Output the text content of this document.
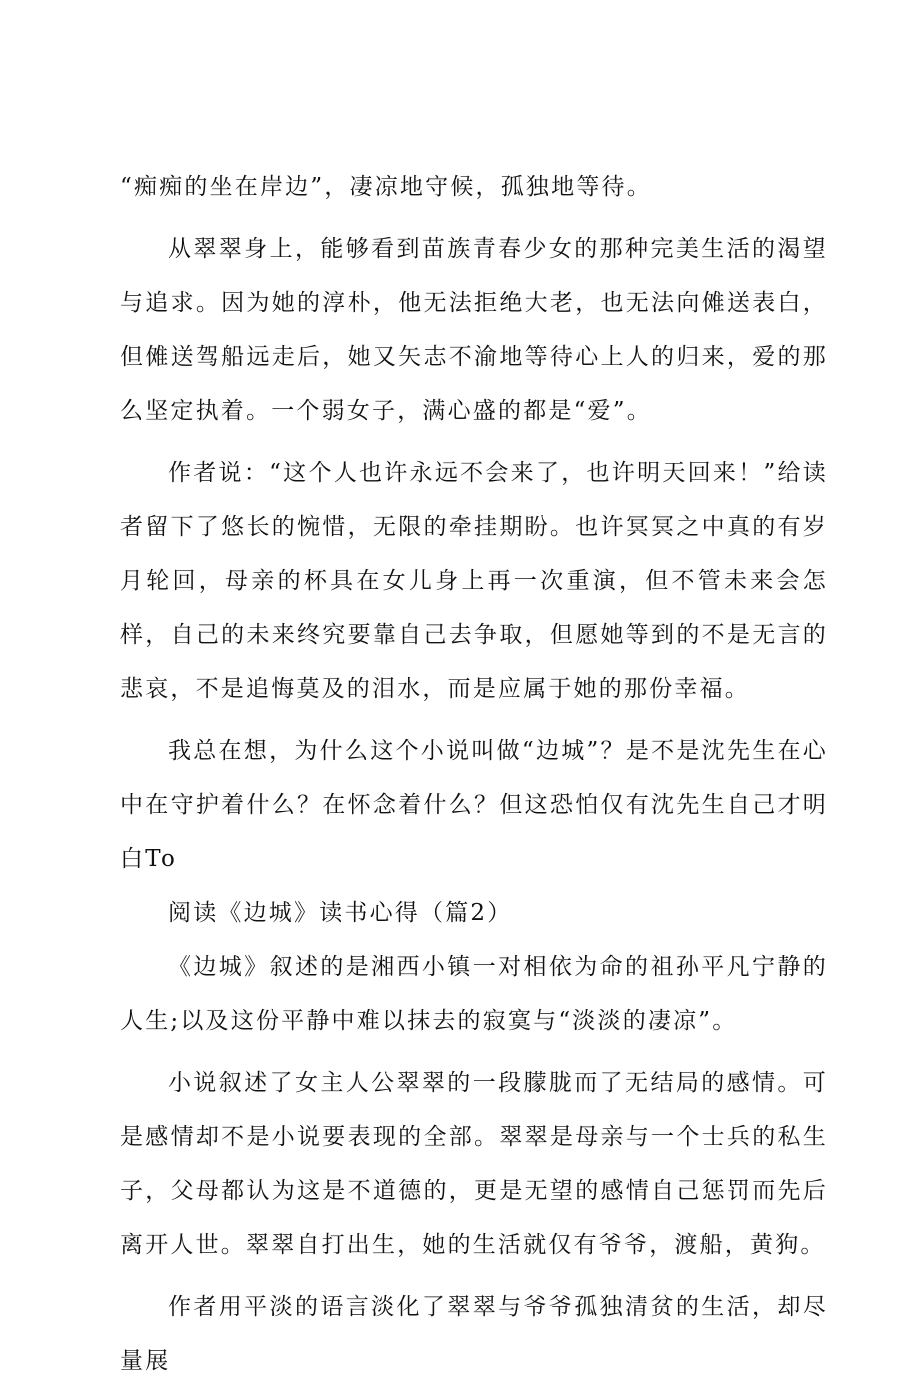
“痴痴的坐在岸边”，凄凉地守候，孤独地等待。

从翠翠身上，能够看到苗族青春少女的那种完美生活的渴望与追求。因为她的淳朴，他无法拒绝大老，也无法向傩送表白，但傩送驾船远走后，她又矢志不渝地等待心上人的归来，爱的那么坚定执着。一个弱女子，满心盛的都是“爱”。

作者说：“这个人也许永远不会来了，也许明天回来！”给读者留下了悠长的惋惜，无限的牵挂期盼。也许冥冥之中真的有岁月轮回，母亲的杯具在女儿身上再一次重演，但不管未来会怎样，自己的未来终究要靠自己去争取，但愿她等到的不是无言的悲哀，不是追悔莫及的泪水，而是应属于她的那份幸福。

我总在想，为什么这个小说叫做“边城”？是不是沈先生在心中在守护着什么？在怀念着什么？但这恐怕仅有沈先生自己才明白To

阅读《边城》读书心得（篇2）

《边城》叙述的是湘西小镇一对相依为命的祖孙平凡宁静的人生;以及这份平静中难以抹去的寂寞与“淡淡的凄凉”。

小说叙述了女主人公翠翠的一段朦胧而了无结局的感情。可是感情却不是小说要表现的全部。翠翠是母亲与一个士兵的私生子，父母都认为这是不道德的，更是无望的感情自己惩罚而先后离开人世。翠翠自打出生，她的生活就仅有爷爷，渡船，黄狗。

作者用平淡的语言淡化了翠翠与爷爷孤独清贫的生活，却尽量展
